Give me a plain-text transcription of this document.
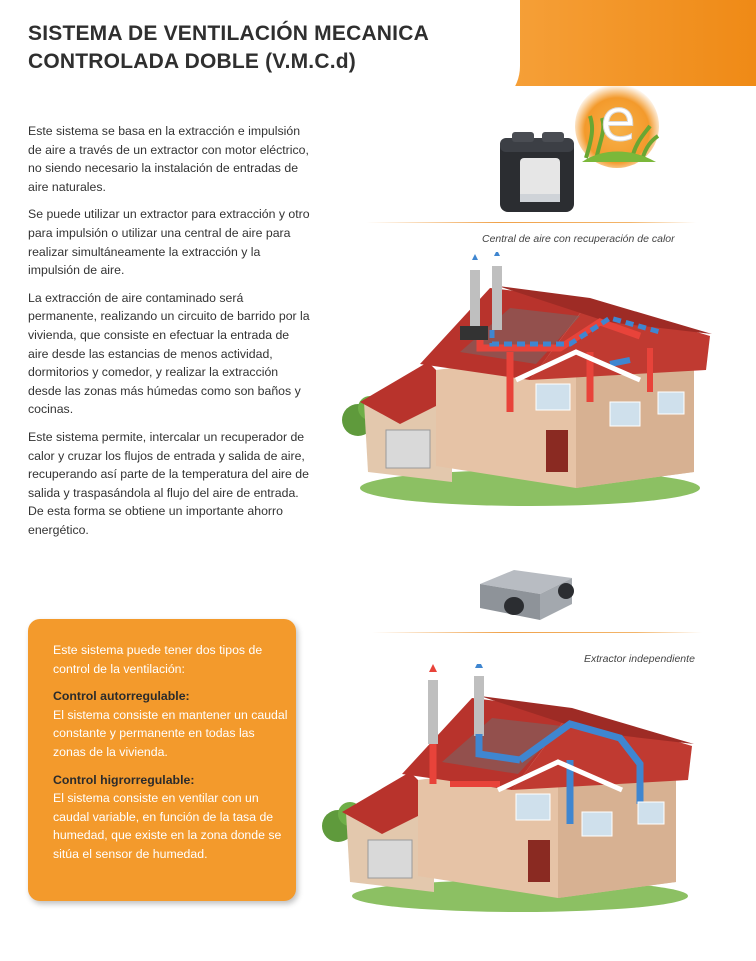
SISTEMA DE VENTILACIÓN MECANICA
CONTROLADA DOBLE (V.M.C.d)
e

Este sistema se basa en la extracción e impulsión de aire a través de un extractor con motor eléctrico, no siendo necesario la instalación de entradas de aire naturales.

Se puede utilizar un extractor para extracción y otro para impulsión o utilizar una central de aire para realizar simultáneamente la extracción y la impulsión de aire.

La extracción de aire contaminado será permanente, realizando un circuito de barrido por la vivienda, que consiste en efectuar la entrada de aire desde las estancias de menos actividad, dormitorios y comedor, y realizar la extracción desde las zonas más húmedas como son baños y cocinas.

Este sistema permite, intercalar un recuperador de calor y cruzar los flujos de entrada y salida de aire, recuperando así parte de la temperatura del aire de salida y traspasándola al flujo del aire de entrada. De esta forma se obtiene un importante ahorro energético.

Central de aire con recuperación de calor
Extractor independiente

Este sistema puede tener dos tipos de control de la ventilación:

Control autorregulable:

El sistema consiste en mantener un caudal constante y permanente en todas las zonas de la vivienda.

Control higrorregulable:

El sistema consiste en ventilar con un caudal variable, en función de la tasa de humedad, que existe en la zona donde se sitúa el sensor de humedad.
